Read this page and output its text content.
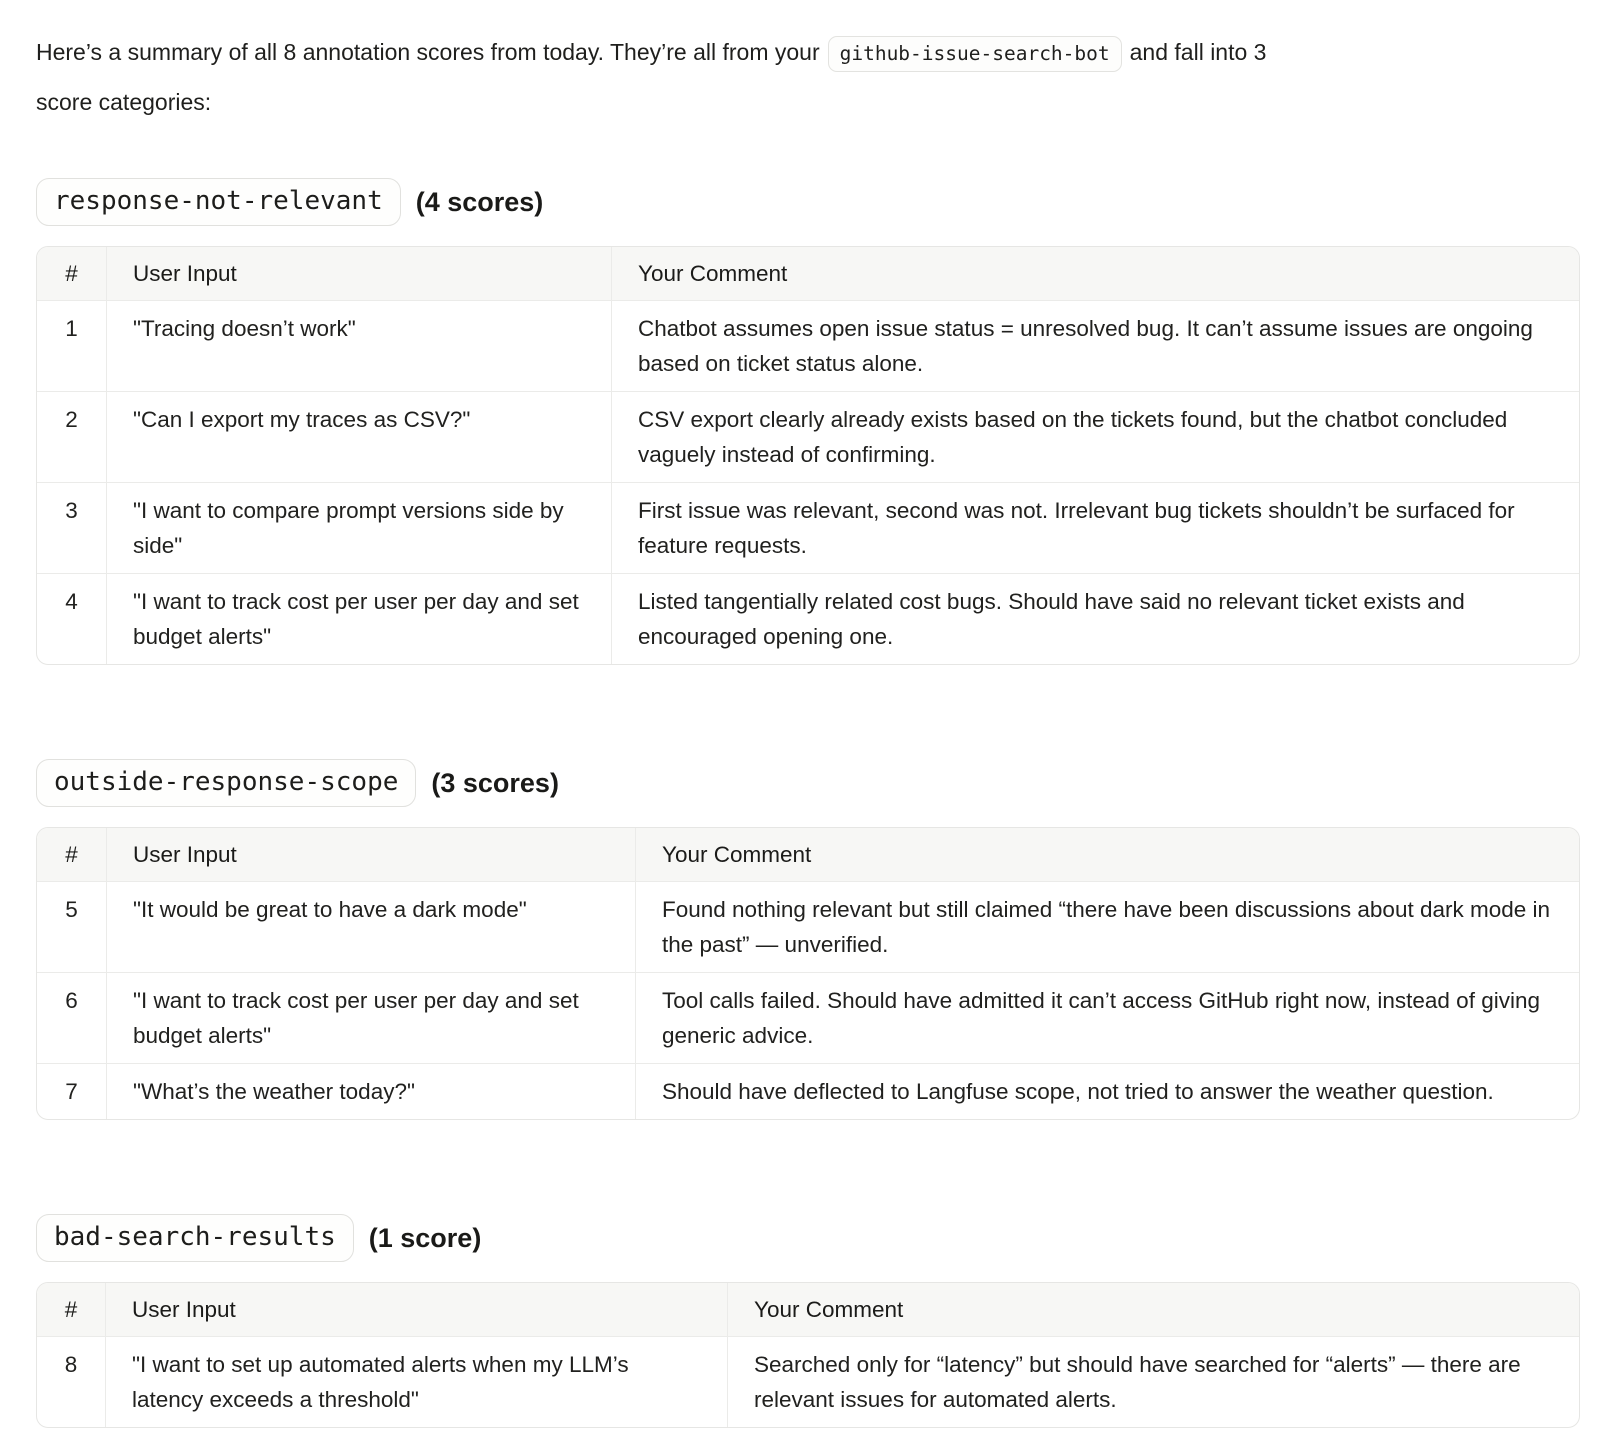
Here’s a summary of all 8 annotation scores from today. They’re all from your github-issue-search-bot and fall into 3
score categories:

response-not-relevant	(4 scores)
#	User Input	Your Comment
1	"Tracing doesn’t work"	Chatbot assumes open issue status = unresolved bug. It can’t assume issues are ongoing based on ticket status alone.
2	"Can I export my traces as CSV?"	CSV export clearly already exists based on the tickets found, but the chatbot concluded vaguely instead of confirming.
3	"I want to compare prompt versions side by side"	First issue was relevant, second was not. Irrelevant bug tickets shouldn’t be surfaced for feature requests.
4	"I want to track cost per user per day and set budget alerts"	Listed tangentially related cost bugs. Should have said no relevant ticket exists and encouraged opening one.
outside-response-scope	(3 scores)
#	User Input	Your Comment
5	"It would be great to have a dark mode"	Found nothing relevant but still claimed “there have been discussions about dark mode in the past” — unverified.
6	"I want to track cost per user per day and set budget alerts"	Tool calls failed. Should have admitted it can’t access GitHub right now, instead of giving generic advice.
7	"What’s the weather today?"	Should have deflected to Langfuse scope, not tried to answer the weather question.
bad-search-results	(1 score)
#	User Input	Your Comment
8	"I want to set up automated alerts when my LLM’s latency exceeds a threshold"	Searched only for “latency” but should have searched for “alerts” — there are relevant issues for automated alerts.
